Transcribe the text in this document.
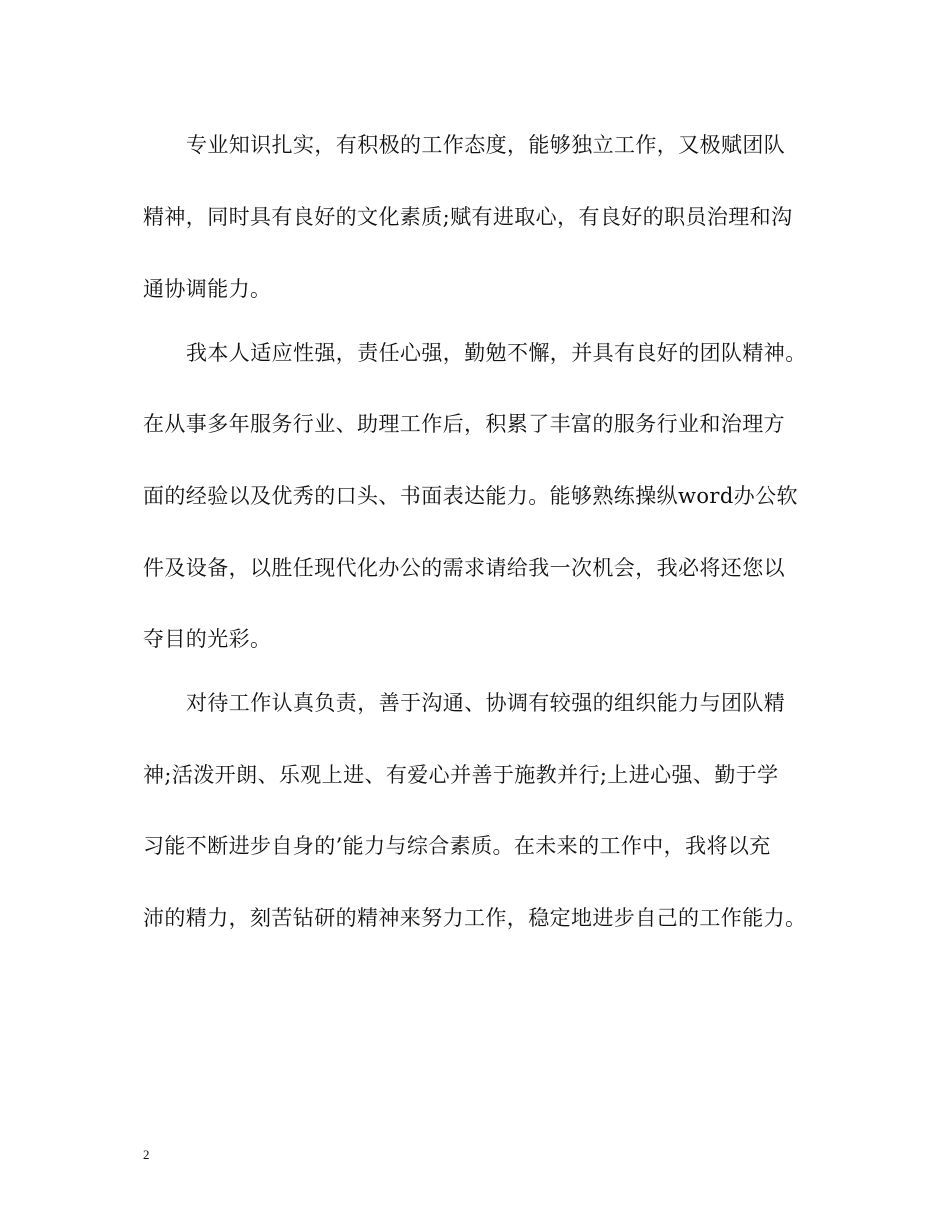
专业知识扎实，有积极的工作态度，能够独立工作，又极赋团队
精神，同时具有良好的文化素质;赋有进取心，有良好的职员治理和沟
通协调能力。
我本人适应性强，责任心强，勤勉不懈，并具有良好的团队精神。
在从事多年服务行业、助理工作后，积累了丰富的服务行业和治理方
面的经验以及优秀的口头、书面表达能力。能够熟练操纵word办公软
件及设备，以胜任现代化办公的需求请给我一次机会，我必将还您以
夺目的光彩。
对待工作认真负责，善于沟通、协调有较强的组织能力与团队精
神;活泼开朗、乐观上进、有爱心并善于施教并行;上进心强、勤于学
习能不断进步自身的’能力与综合素质。在未来的工作中，我将以充
沛的精力，刻苦钻研的精神来努力工作，稳定地进步自己的工作能力。
2
